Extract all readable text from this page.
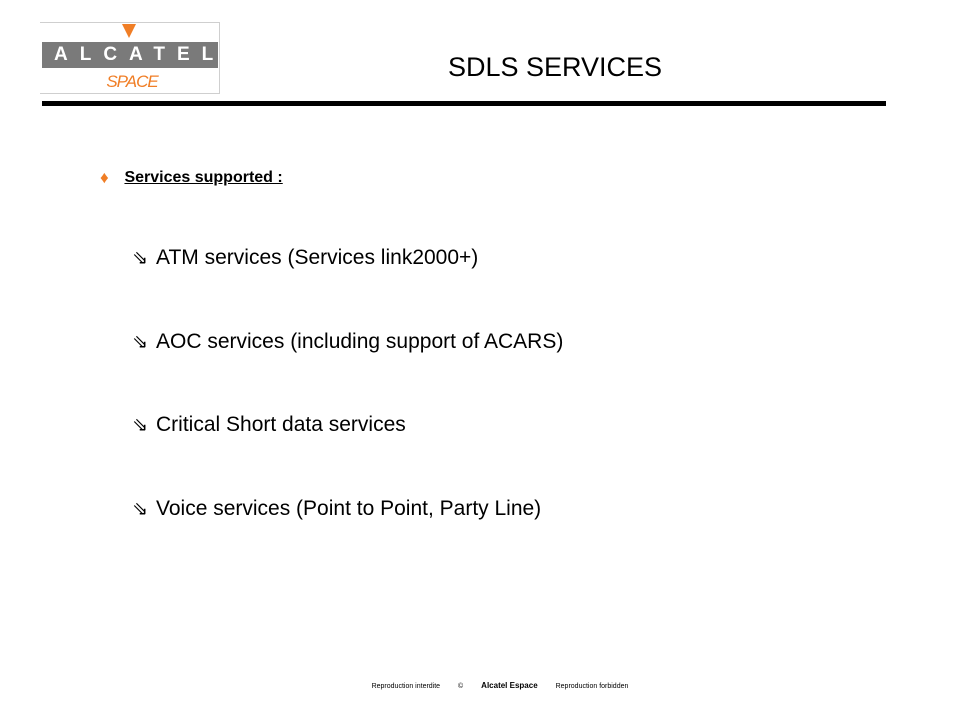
ALCATEL
SPACE	SDLS SERVICES
♦ Services supported :
⇘ ATM services (Services link2000+)
⇘ AOC services (including support of ACARS)
⇘ Critical Short data services
⇘ Voice services (Point to Point, Party Line)
Reproduction interdite	© Alcatel Espace	Reproduction forbidden
